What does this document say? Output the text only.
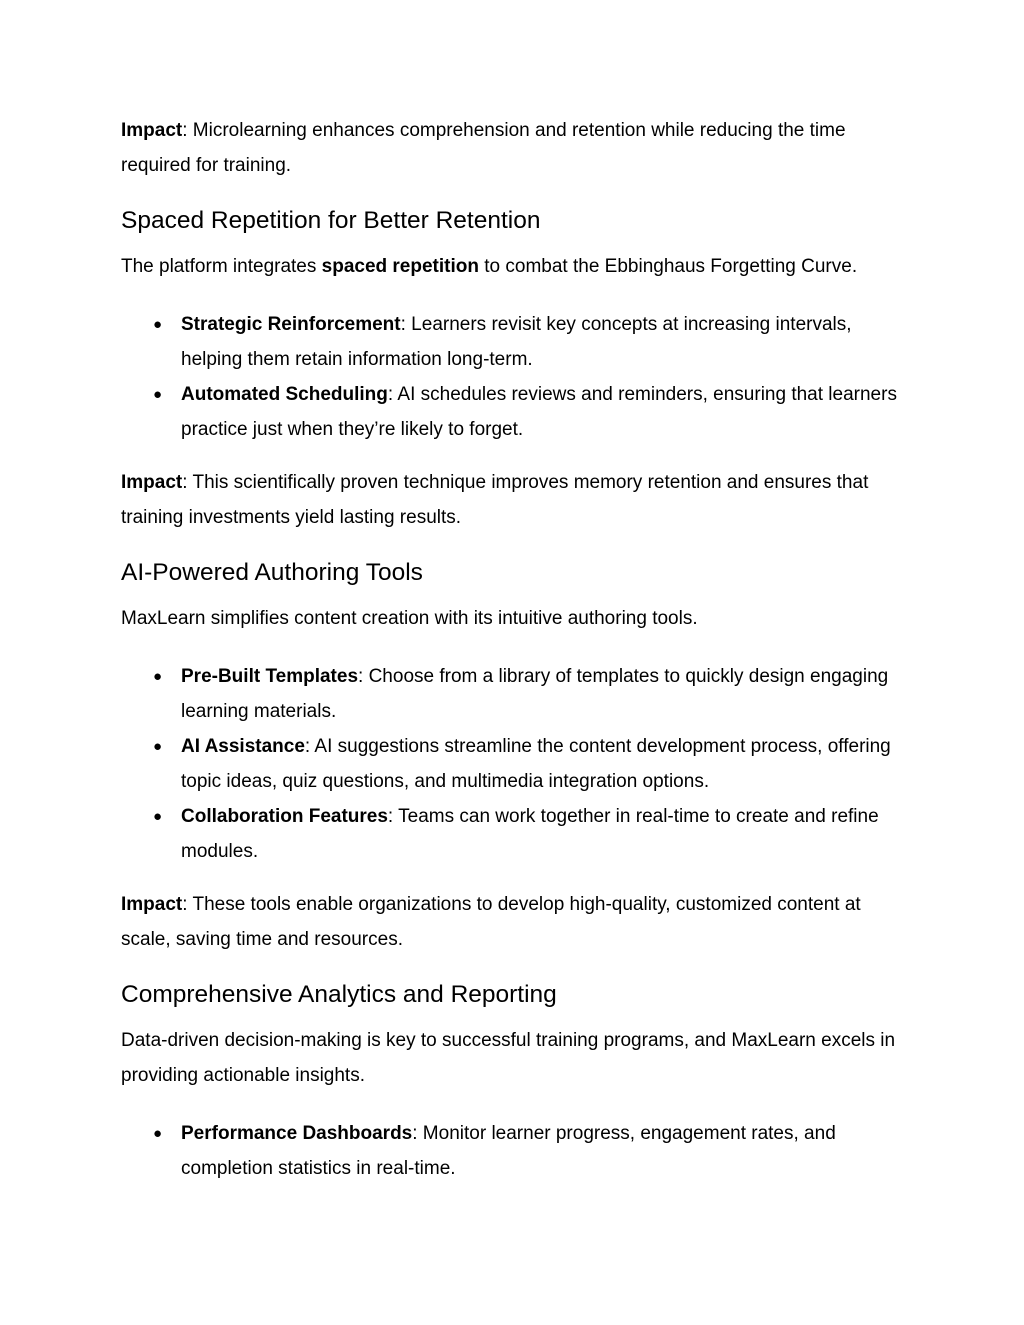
Impact: Microlearning enhances comprehension and retention while reducing the time required for training.

Spaced Repetition for Better Retention

The platform integrates spaced repetition to combat the Ebbinghaus Forgetting Curve.

● Strategic Reinforcement: Learners revisit key concepts at increasing intervals, helping them retain information long-term.
● Automated Scheduling: AI schedules reviews and reminders, ensuring that learners practice just when they’re likely to forget.

Impact: This scientifically proven technique improves memory retention and ensures that training investments yield lasting results.

AI-Powered Authoring Tools

MaxLearn simplifies content creation with its intuitive authoring tools.

● Pre-Built Templates: Choose from a library of templates to quickly design engaging learning materials.
● AI Assistance: AI suggestions streamline the content development process, offering topic ideas, quiz questions, and multimedia integration options.
● Collaboration Features: Teams can work together in real-time to create and refine modules.

Impact: These tools enable organizations to develop high-quality, customized content at scale, saving time and resources.

Comprehensive Analytics and Reporting

Data-driven decision-making is key to successful training programs, and MaxLearn excels in providing actionable insights.

● Performance Dashboards: Monitor learner progress, engagement rates, and completion statistics in real-time.
